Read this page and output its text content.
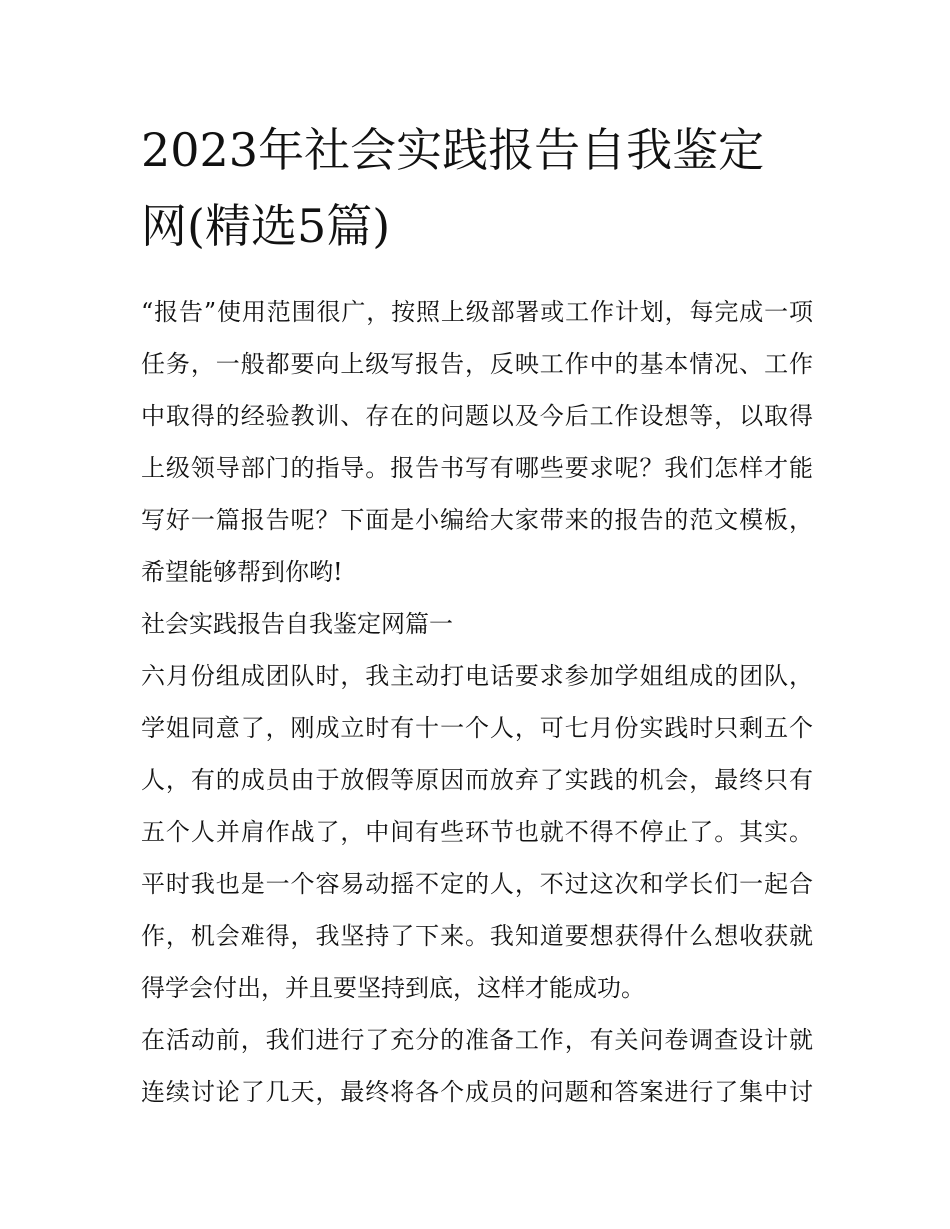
2023年社会实践报告自我鉴定
网(精选5篇)
“报告”使用范围很广，按照上级部署或工作计划，每完成一项
任务，一般都要向上级写报告，反映工作中的基本情况、工作
中取得的经验教训、存在的问题以及今后工作设想等，以取得
上级领导部门的指导。报告书写有哪些要求呢？我们怎样才能
写好一篇报告呢？下面是小编给大家带来的报告的范文模板，
希望能够帮到你哟!
社会实践报告自我鉴定网篇一
六月份组成团队时，我主动打电话要求参加学姐组成的团队，
学姐同意了，刚成立时有十一个人，可七月份实践时只剩五个
人，有的成员由于放假等原因而放弃了实践的机会，最终只有
五个人并肩作战了，中间有些环节也就不得不停止了。其实。
平时我也是一个容易动摇不定的人，不过这次和学长们一起合
作，机会难得，我坚持了下来。我知道要想获得什么想收获就
得学会付出，并且要坚持到底，这样才能成功。
在活动前，我们进行了充分的准备工作，有关问卷调查设计就
连续讨论了几天，最终将各个成员的问题和答案进行了集中讨
